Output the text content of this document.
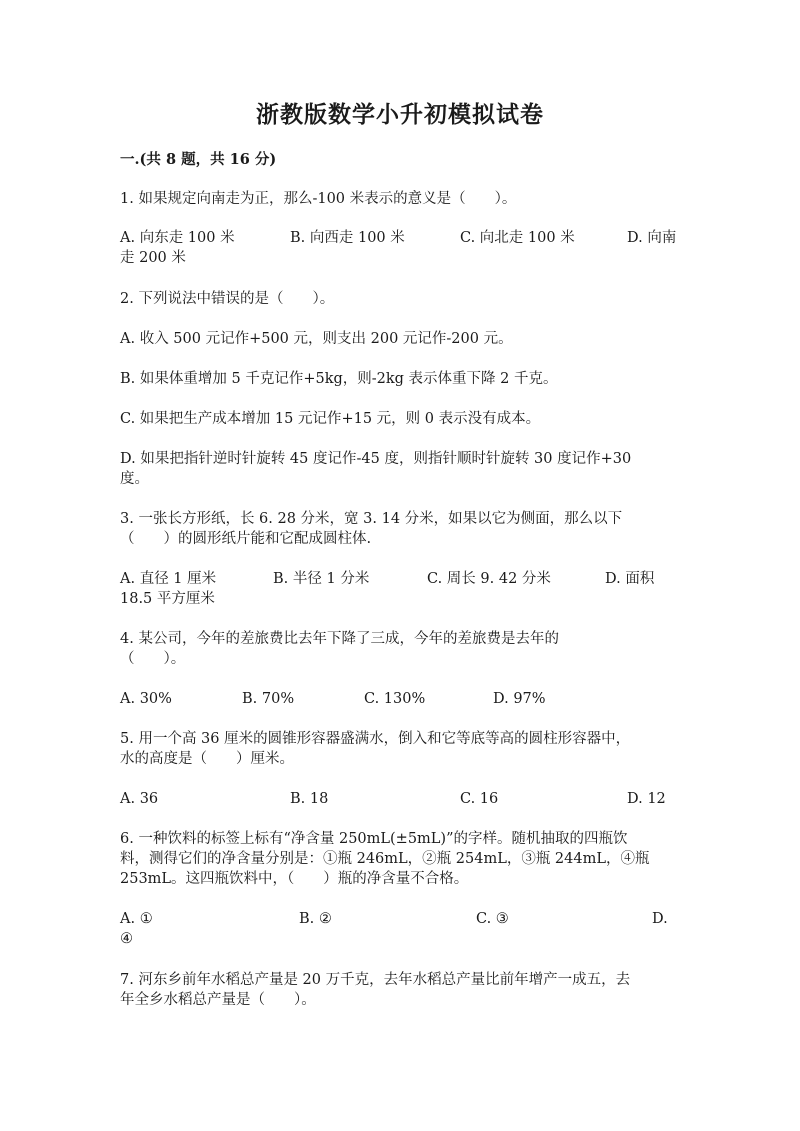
浙教版数学小升初模拟试卷
一.(共 8 题，共 16 分)
1. 如果规定向南走为正，那么-100 米表示的意义是（　　）。
A. 向东走 100 米	B. 向西走 100 米	C. 向北走 100 米	D. 向南
走 200 米
2. 下列说法中错误的是（　　）。
A. 收入 500 元记作+500 元，则支出 200 元记作-200 元。
B. 如果体重增加 5 千克记作+5kg，则-2kg 表示体重下降 2 千克。
C. 如果把生产成本增加 15 元记作+15 元，则 0 表示没有成本。
D. 如果把指针逆时针旋转 45 度记作-45 度，则指针顺时针旋转 30 度记作+30
度。
3. 一张长方形纸，长 6. 28 分米，宽 3. 14 分米，如果以它为侧面，那么以下
（　　）的圆形纸片能和它配成圆柱体.
A. 直径 1 厘米	B. 半径 1 分米	C. 周长 9. 42 分米	D. 面积
18.5 平方厘米
4. 某公司，今年的差旅费比去年下降了三成，今年的差旅费是去年的
（　　）。
A. 30%	B. 70%	C. 130%	D. 97%
5. 用一个高 36 厘米的圆锥形容器盛满水，倒入和它等底等高的圆柱形容器中，
水的高度是（　　）厘米。
A. 36	B. 18	C. 16	D. 12
6. 一种饮料的标签上标有“净含量 250mL(±5mL)”的字样。随机抽取的四瓶饮
料，测得它们的净含量分别是：①瓶 246mL，②瓶 254mL，③瓶 244mL，④瓶
253mL。这四瓶饮料中，（　　）瓶的净含量不合格。
A. ①	B. ②	C. ③	D.
④
7. 河东乡前年水稻总产量是 20 万千克，去年水稻总产量比前年增产一成五，去
年全乡水稻总产量是（　　）。
